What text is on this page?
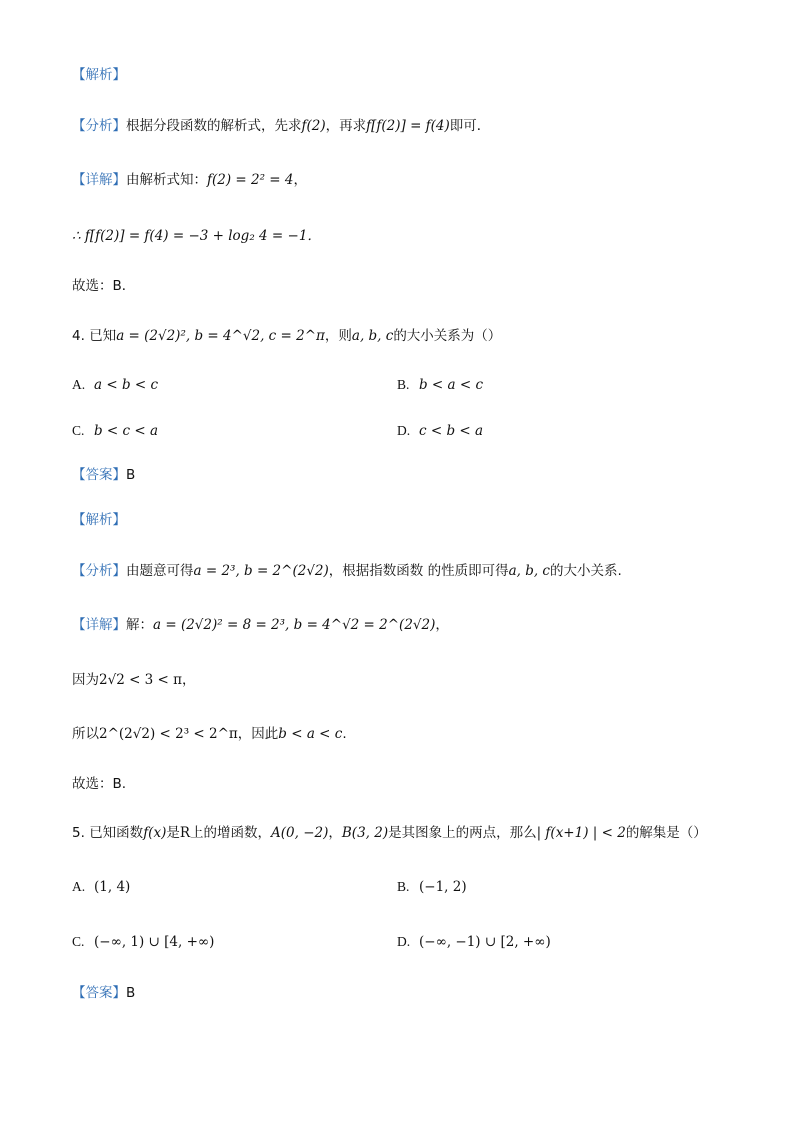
【解析】
【分析】根据分段函数的解析式，先求f(2)，再求f[f(2)] = f(4)即可．
【详解】由解析式知：f(2) = 2² = 4，
∴ f[f(2)] = f(4) = −3 + log₂ 4 = −1．
故选：B．
4. 已知a = (2√2)², b = 4^√2, c = 2^π，则a, b, c的大小关系为（）
A. a < b < c	B. b < a < c
C. b < c < a	D. c < b < a
【答案】B
【解析】
【分析】由题意可得a = 2³, b = 2^(2√2)，根据指数函数 的性质即可得a, b, c的大小关系.
【详解】解：a = (2√2)² = 8 = 2³, b = 4^√2 = 2^(2√2)，
因为2√2 < 3 < π，
所以2^(2√2) < 2³ < 2^π，因此b < a < c.
故选：B.
5. 已知函数f(x)是R上的增函数，A(0, −2)，B(3, 2)是其图象上的两点，那么| f(x+1) | < 2的解集是（）
A. (1, 4)	B. (−1, 2)
C. (−∞, 1) ∪ [4, +∞)	D. (−∞, −1) ∪ [2, +∞)
【答案】B
